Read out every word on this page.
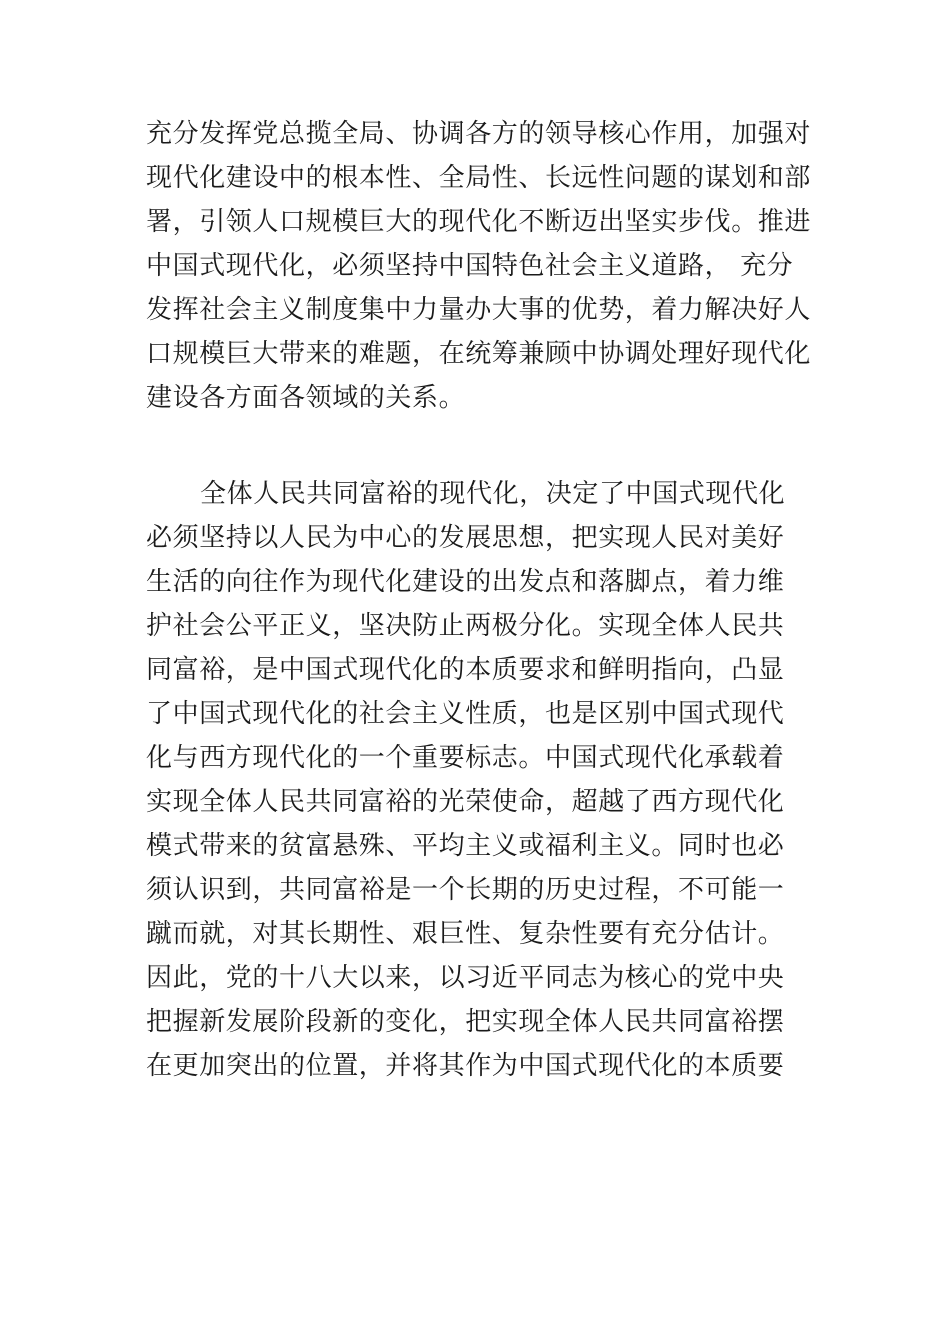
充分发挥党总揽全局、协调各方的领导核心作用，加强对
现代化建设中的根本性、全局性、长远性问题的谋划和部
署，引领人口规模巨大的现代化不断迈出坚实步伐。推进
中国式现代化，必须坚持中国特色社会主义道路， 充分
发挥社会主义制度集中力量办大事的优势，着力解决好人
口规模巨大带来的难题，在统筹兼顾中协调处理好现代化
建设各方面各领域的关系。

全体人民共同富裕的现代化，决定了中国式现代化
必须坚持以人民为中心的发展思想，把实现人民对美好
生活的向往作为现代化建设的出发点和落脚点，着力维
护社会公平正义，坚决防止两极分化。实现全体人民共
同富裕，是中国式现代化的本质要求和鲜明指向，凸显
了中国式现代化的社会主义性质，也是区别中国式现代
化与西方现代化的一个重要标志。中国式现代化承载着
实现全体人民共同富裕的光荣使命，超越了西方现代化
模式带来的贫富悬殊、平均主义或福利主义。同时也必
须认识到，共同富裕是一个长期的历史过程，不可能一
蹴而就，对其长期性、艰巨性、复杂性要有充分估计。
因此，党的十八大以来，以习近平同志为核心的党中央
把握新发展阶段新的变化，把实现全体人民共同富裕摆
在更加突出的位置，并将其作为中国式现代化的本质要
